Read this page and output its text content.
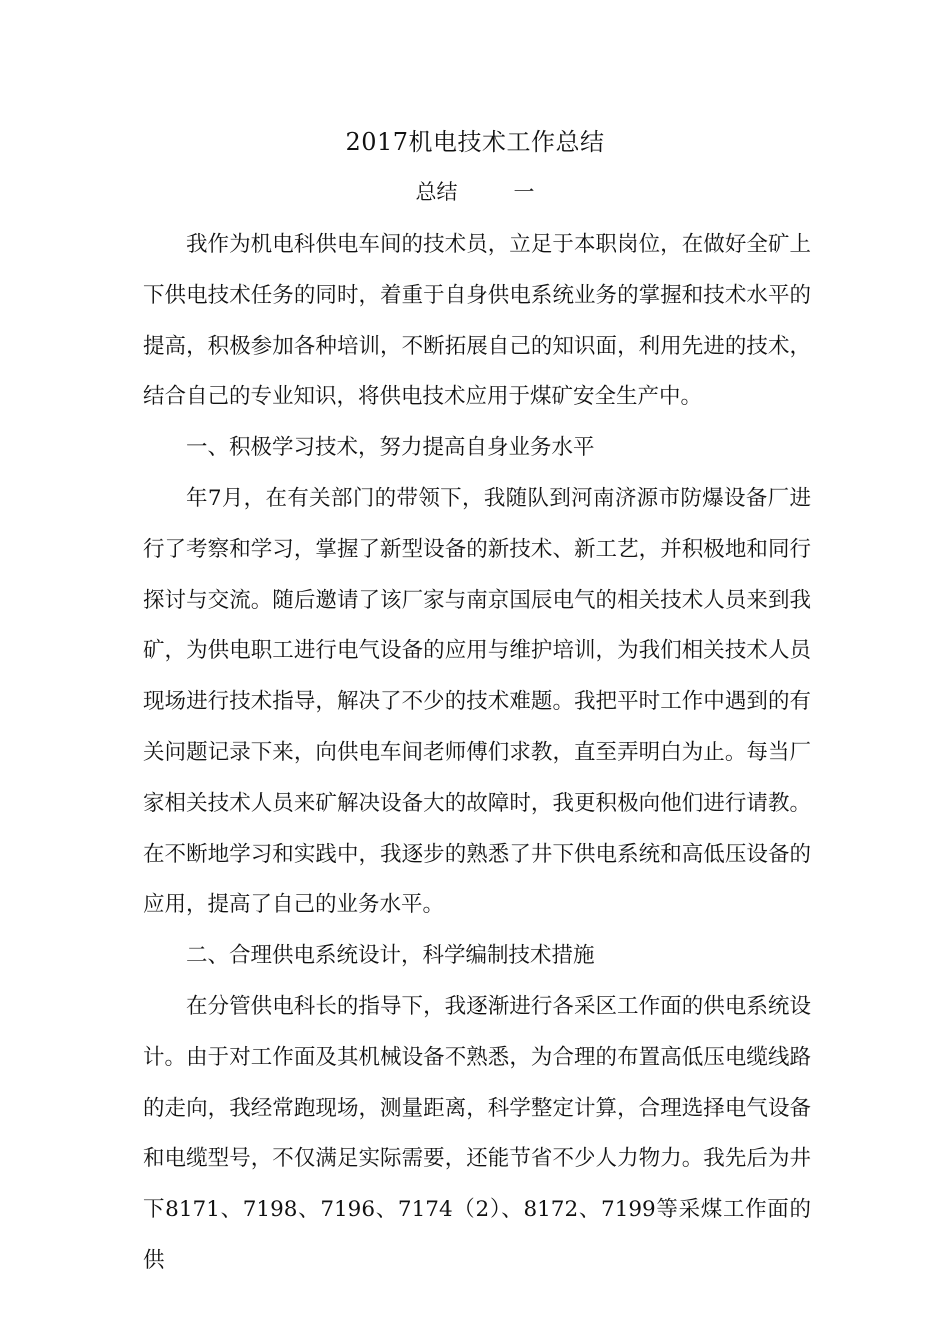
2017机电技术工作总结
总结	一

我作为机电科供电车间的技术员，立足于本职岗位，在做好全矿上下供电技术任务的同时，着重于自身供电系统业务的掌握和技术水平的提高，积极参加各种培训，不断拓展自己的知识面，利用先进的技术，结合自己的专业知识，将供电技术应用于煤矿安全生产中。

一、积极学习技术，努力提高自身业务水平

年7月，在有关部门的带领下，我随队到河南济源市防爆设备厂进行了考察和学习，掌握了新型设备的新技术、新工艺，并积极地和同行探讨与交流。随后邀请了该厂家与南京国辰电气的相关技术人员来到我矿，为供电职工进行电气设备的应用与维护培训，为我们相关技术人员现场进行技术指导，解决了不少的技术难题。我把平时工作中遇到的有关问题记录下来，向供电车间老师傅们求教，直至弄明白为止。每当厂家相关技术人员来矿解决设备大的故障时，我更积极向他们进行请教。在不断地学习和实践中，我逐步的熟悉了井下供电系统和高低压设备的应用，提高了自己的业务水平。

二、合理供电系统设计，科学编制技术措施

在分管供电科长的指导下，我逐渐进行各采区工作面的供电系统设计。由于对工作面及其机械设备不熟悉，为合理的布置高低压电缆线路的走向，我经常跑现场，测量距离，科学整定计算，合理选择电气设备和电缆型号，不仅满足实际需要，还能节省不少人力物力。我先后为井下8171、7198、7196、7174（2）、8172、7199等采煤工作面的供
